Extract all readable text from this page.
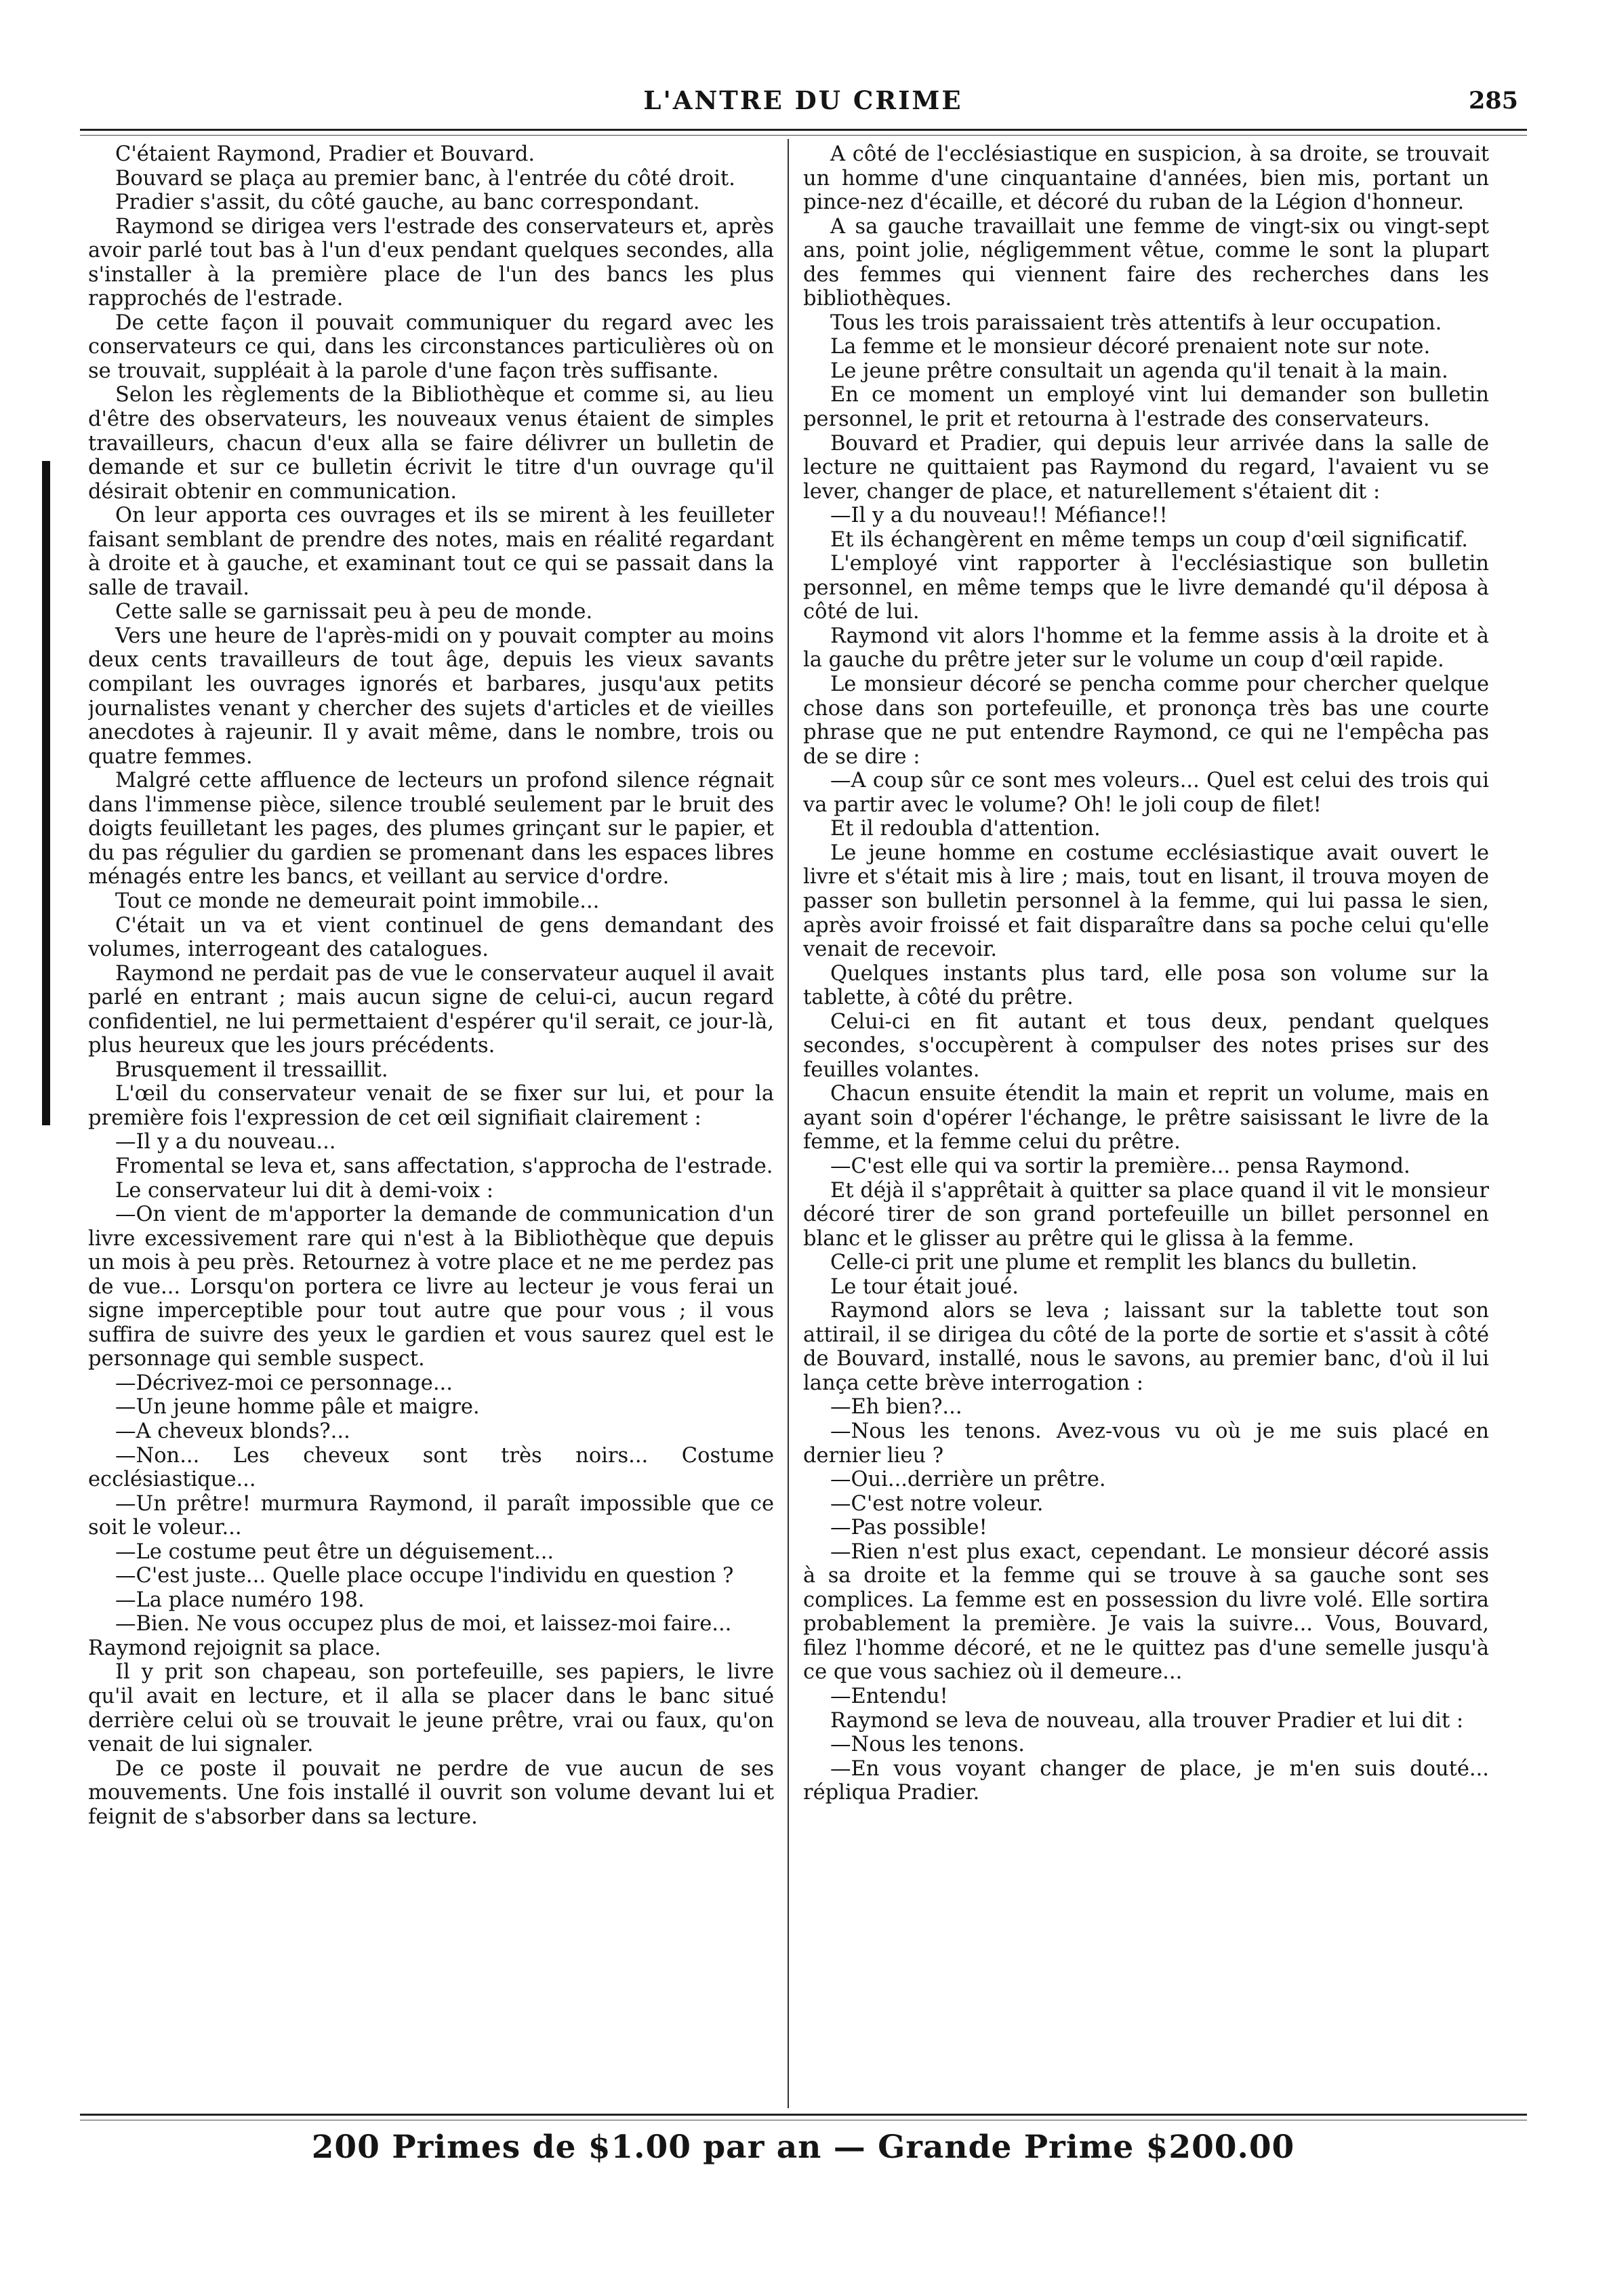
L'ANTRE DU CRIME	285

C'étaient Raymond, Pradier et Bouvard.

Bouvard se plaça au premier banc, à l'entrée du côté droit.

Pradier s'assit, du côté gauche, au banc correspondant.

Raymond se dirigea vers l'estrade des conservateurs et, après avoir parlé tout bas à l'un d'eux pendant quelques secondes, alla s'installer à la première place de l'un des bancs les plus rapprochés de l'estrade.

De cette façon il pouvait communiquer du regard avec les conservateurs ce qui, dans les circonstances particulières où on se trouvait, suppléait à la parole d'une façon très suffisante.

Selon les règlements de la Bibliothèque et comme si, au lieu d'être des observateurs, les nouveaux venus étaient de simples travailleurs, chacun d'eux alla se faire délivrer un bulletin de demande et sur ce bulletin écrivit le titre d'un ouvrage qu'il désirait obtenir en communication.

On leur apporta ces ouvrages et ils se mirent à les feuilleter faisant semblant de prendre des notes, mais en réalité regardant à droite et à gauche, et examinant tout ce qui se passait dans la salle de travail.

Cette salle se garnissait peu à peu de monde.

Vers une heure de l'après-midi on y pouvait compter au moins deux cents travailleurs de tout âge, depuis les vieux savants compilant les ouvrages ignorés et barbares, jusqu'aux petits journalistes venant y chercher des sujets d'articles et de vieilles anecdotes à rajeunir. Il y avait même, dans le nombre, trois ou quatre femmes.

Malgré cette affluence de lecteurs un profond silence régnait dans l'immense pièce, silence troublé seulement par le bruit des doigts feuilletant les pages, des plumes grinçant sur le papier, et du pas régulier du gardien se promenant dans les espaces libres ménagés entre les bancs, et veillant au service d'ordre.

Tout ce monde ne demeurait point immobile...

C'était un va et vient continuel de gens demandant des volumes, interrogeant des catalogues.

Raymond ne perdait pas de vue le conservateur auquel il avait parlé en entrant ; mais aucun signe de celui-ci, aucun regard confidentiel, ne lui permettaient d'espérer qu'il serait, ce jour-là, plus heureux que les jours précédents.

Brusquement il tressaillit.

L'œil du conservateur venait de se fixer sur lui, et pour la première fois l'expression de cet œil signifiait clairement :

—Il y a du nouveau...

Fromental se leva et, sans affectation, s'approcha de l'estrade.

Le conservateur lui dit à demi-voix :

—On vient de m'apporter la demande de communication d'un livre excessivement rare qui n'est à la Bibliothèque que depuis un mois à peu près. Retournez à votre place et ne me perdez pas de vue... Lorsqu'on portera ce livre au lecteur je vous ferai un signe imperceptible pour tout autre que pour vous ; il vous suffira de suivre des yeux le gardien et vous saurez quel est le personnage qui semble suspect.

—Décrivez-moi ce personnage...

—Un jeune homme pâle et maigre.

—A cheveux blonds?...

—Non... Les cheveux sont très noirs... Costume ecclésiastique...

—Un prêtre! murmura Raymond, il paraît impossible que ce soit le voleur...

—Le costume peut être un déguisement...

—C'est juste... Quelle place occupe l'individu en question ?

—La place numéro 198.

—Bien. Ne vous occupez plus de moi, et laissez-moi faire...

Raymond rejoignit sa place.

Il y prit son chapeau, son portefeuille, ses papiers, le livre qu'il avait en lecture, et il alla se placer dans le banc situé derrière celui où se trouvait le jeune prêtre, vrai ou faux, qu'on venait de lui signaler.

De ce poste il pouvait ne perdre de vue aucun de ses mouvements. Une fois installé il ouvrit son volume devant lui et feignit de s'absorber dans sa lecture.

A côté de l'ecclésiastique en suspicion, à sa droite, se trouvait un homme d'une cinquantaine d'années, bien mis, portant un pince-nez d'écaille, et décoré du ruban de la Légion d'honneur.

A sa gauche travaillait une femme de vingt-six ou vingt-sept ans, point jolie, négligemment vêtue, comme le sont la plupart des femmes qui viennent faire des recherches dans les bibliothèques.

Tous les trois paraissaient très attentifs à leur occupation.

La femme et le monsieur décoré prenaient note sur note.

Le jeune prêtre consultait un agenda qu'il tenait à la main.

En ce moment un employé vint lui demander son bulletin personnel, le prit et retourna à l'estrade des conservateurs.

Bouvard et Pradier, qui depuis leur arrivée dans la salle de lecture ne quittaient pas Raymond du regard, l'avaient vu se lever, changer de place, et naturellement s'étaient dit :

—Il y a du nouveau!! Méfiance!!

Et ils échangèrent en même temps un coup d'œil significatif.

L'employé vint rapporter à l'ecclésiastique son bulletin personnel, en même temps que le livre demandé qu'il déposa à côté de lui.

Raymond vit alors l'homme et la femme assis à la droite et à la gauche du prêtre jeter sur le volume un coup d'œil rapide.

Le monsieur décoré se pencha comme pour chercher quelque chose dans son portefeuille, et prononça très bas une courte phrase que ne put entendre Raymond, ce qui ne l'empêcha pas de se dire :

—A coup sûr ce sont mes voleurs... Quel est celui des trois qui va partir avec le volume? Oh! le joli coup de filet!

Et il redoubla d'attention.

Le jeune homme en costume ecclésiastique avait ouvert le livre et s'était mis à lire ; mais, tout en lisant, il trouva moyen de passer son bulletin personnel à la femme, qui lui passa le sien, après avoir froissé et fait disparaître dans sa poche celui qu'elle venait de recevoir.

Quelques instants plus tard, elle posa son volume sur la tablette, à côté du prêtre.

Celui-ci en fit autant et tous deux, pendant quelques secondes, s'occupèrent à compulser des notes prises sur des feuilles volantes.

Chacun ensuite étendit la main et reprit un volume, mais en ayant soin d'opérer l'échange, le prêtre saisissant le livre de la femme, et la femme celui du prêtre.

—C'est elle qui va sortir la première... pensa Raymond.

Et déjà il s'apprêtait à quitter sa place quand il vit le monsieur décoré tirer de son grand portefeuille un billet personnel en blanc et le glisser au prêtre qui le glissa à la femme.

Celle-ci prit une plume et remplit les blancs du bulletin.

Le tour était joué.

Raymond alors se leva ; laissant sur la tablette tout son attirail, il se dirigea du côté de la porte de sortie et s'assit à côté de Bouvard, installé, nous le savons, au premier banc, d'où il lui lança cette brève interrogation :

—Eh bien?...

—Nous les tenons. Avez-vous vu où je me suis placé en dernier lieu ?

—Oui...derrière un prêtre.

—C'est notre voleur.

—Pas possible!

—Rien n'est plus exact, cependant. Le monsieur décoré assis à sa droite et la femme qui se trouve à sa gauche sont ses complices. La femme est en possession du livre volé. Elle sortira probablement la première. Je vais la suivre... Vous, Bouvard, filez l'homme décoré, et ne le quittez pas d'une semelle jusqu'à ce que vous sachiez où il demeure...

—Entendu!

Raymond se leva de nouveau, alla trouver Pradier et lui dit :

—Nous les tenons.

—En vous voyant changer de place, je m'en suis douté... répliqua Pradier.

200 Primes de $1.00 par an — Grande Prime $200.00
